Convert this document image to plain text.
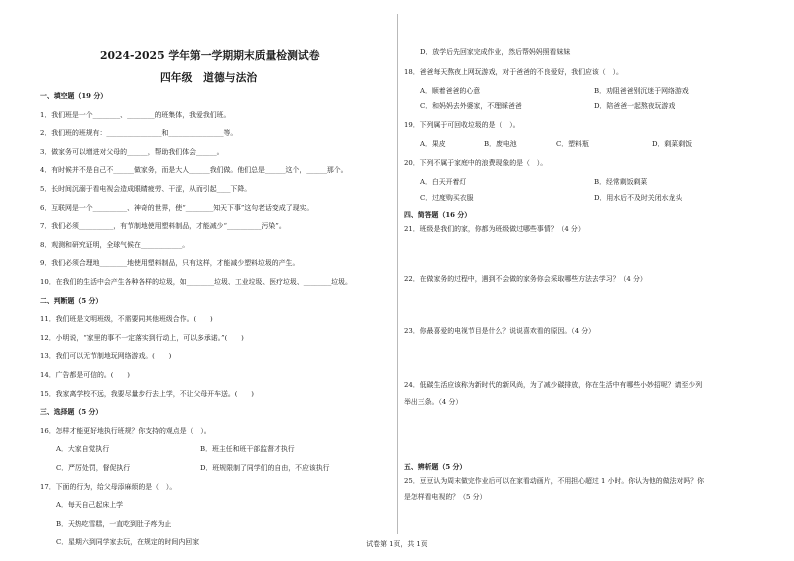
2024-2025 学年第一学期期末质量检测试卷
四年级　道德与法治
一、填空题（19 分）
1．我们班是一个________、________的班集体，我爱我们班。
2．我们班的班规有：________________和________________等。
3．做家务可以增进对父母的______，帮助我们体会______。
4．有时候并不是自己不______做家务，而是大人______我们做。他们总是______这个，______那个。
5．长时间沉溺于看电视会造成眼睛疲劳、干涩，从而引起____下降。
6．互联网是一个__________、神奇的世界，使“________知天下事”这句老话变成了现实。
7．我们必须__________，有节制地使用塑料制品，才能减少“__________污染”。
8．观测和研究证明，全球气候在____________。
9．我们必须合理地________地使用塑料制品，只有这样，才能减少塑料垃圾的产生。
10．在我们的生活中会产生各种各样的垃圾，如________垃圾、工业垃圾、医疗垃圾、________垃圾。
二、判断题（5 分）
11．我们班是文明班级，不需要同其他班级合作。(　　)
12．小明说，“家里的事不一定落实到行动上，可以多承诺。”(　　)
13．我们可以无节制地玩网络游戏。(　　)
14．广告都是可信的。(　　)
15．我家离学校不远，我要尽量步行去上学，不让父母开车送。(　　)
三、选择题（5 分）
16．怎样才能更好地执行班规？你支持的观点是（　）。
A．大家自觉执行	B．班主任和班干部监督才执行
C．严厉处罚，督促执行	D．班规限制了同学们的自由，不应该执行
17．下面的行为，给父母添麻烦的是（　）。
A．每天自己起床上学
B．天热吃雪糕，一直吃到肚子疼为止
C．星期六到同学家去玩，在规定的时间内回家
D．放学后先回家完成作业，然后帮妈妈照看妹妹
18．爸爸每天熬夜上网玩游戏，对于爸爸的不良爱好，我们应该（　）。
A．顺着爸爸的心意	B．劝阻爸爸别沉迷于网络游戏
C．和妈妈去外婆家，不理睬爸爸	D．陪爸爸一起熬夜玩游戏
19．下列属于可回收垃圾的是（　）。
A．果皮	B．废电池	C．塑料瓶	D．剩菜剩饭
20．下列不属于家庭中的浪费现象的是（　）。
A．白天开着灯	B．经常剩饭剩菜
C．过度购买衣服	D．用水后不及时关闭水龙头
四、简答题（16 分）
21．班级是我们的家，你都为班级做过哪些事情？（4 分）
22．在做家务的过程中，遇到不会做的家务你会采取哪些方法去学习？（4 分）
23．你最喜爱的电视节目是什么？说说喜欢看的原因。（4 分）
24．低碳生活应该称为新时代的新风尚，为了减少碳排放，你在生活中有哪些小妙招呢？请至少列
举出三条。（4 分）
五、辨析题（5 分）
25．豆豆认为周末做完作业后可以在家看动画片，不用担心超过 1 小时。你认为他的做法对吗？你
是怎样看电视的？（5 分）
试卷第 1页，共 1页
